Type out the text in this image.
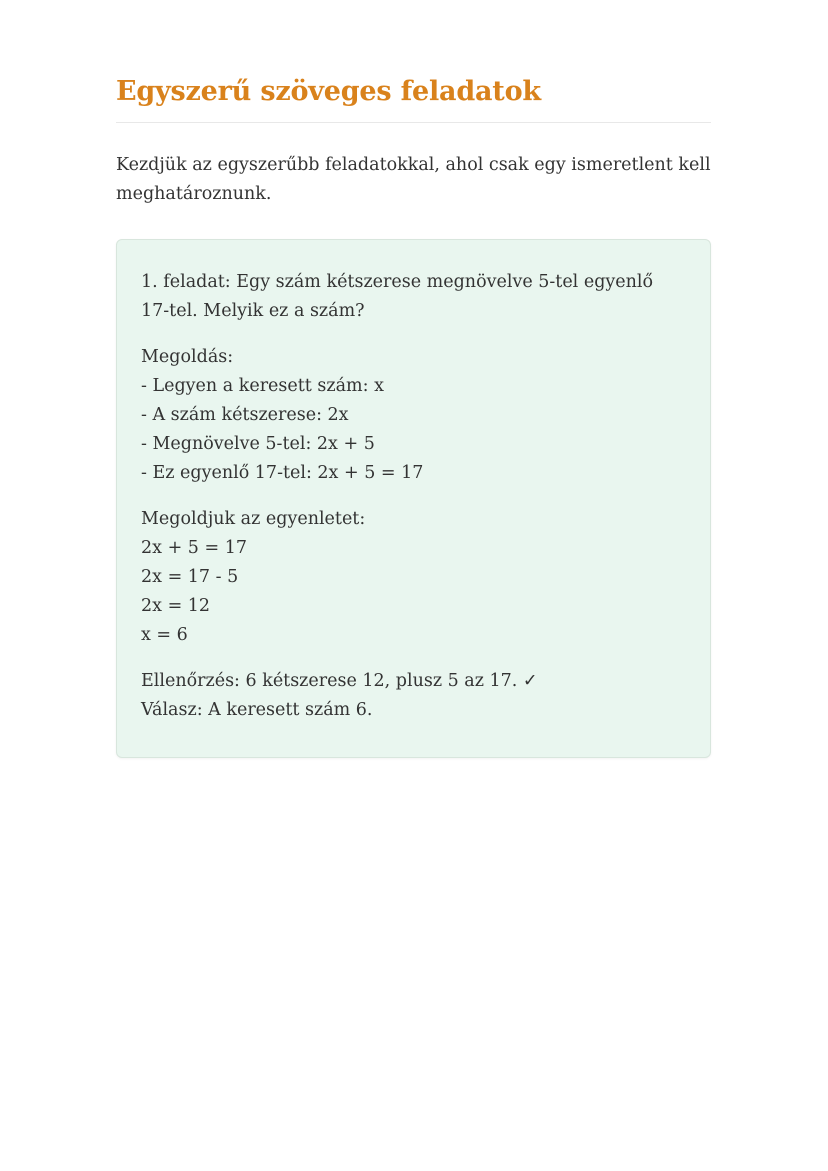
Egyszerű szöveges feladatok

Kezdjük az egyszerűbb feladatokkal, ahol csak egy ismeretlent kell meghatároznunk.

1. feladat: Egy szám kétszerese megnövelve 5-tel egyenlő 17-tel. Melyik ez a szám?

Megoldás:

- Legyen a keresett szám: x

- A szám kétszerese: 2x

- Megnövelve 5-tel: 2x + 5

- Ez egyenlő 17-tel: 2x + 5 = 17

Megoldjuk az egyenletet:

2x + 5 = 17

2x = 17 - 5

2x = 12

x = 6

Ellenőrzés: 6 kétszerese 12, plusz 5 az 17. ✓

Válasz: A keresett szám 6.
